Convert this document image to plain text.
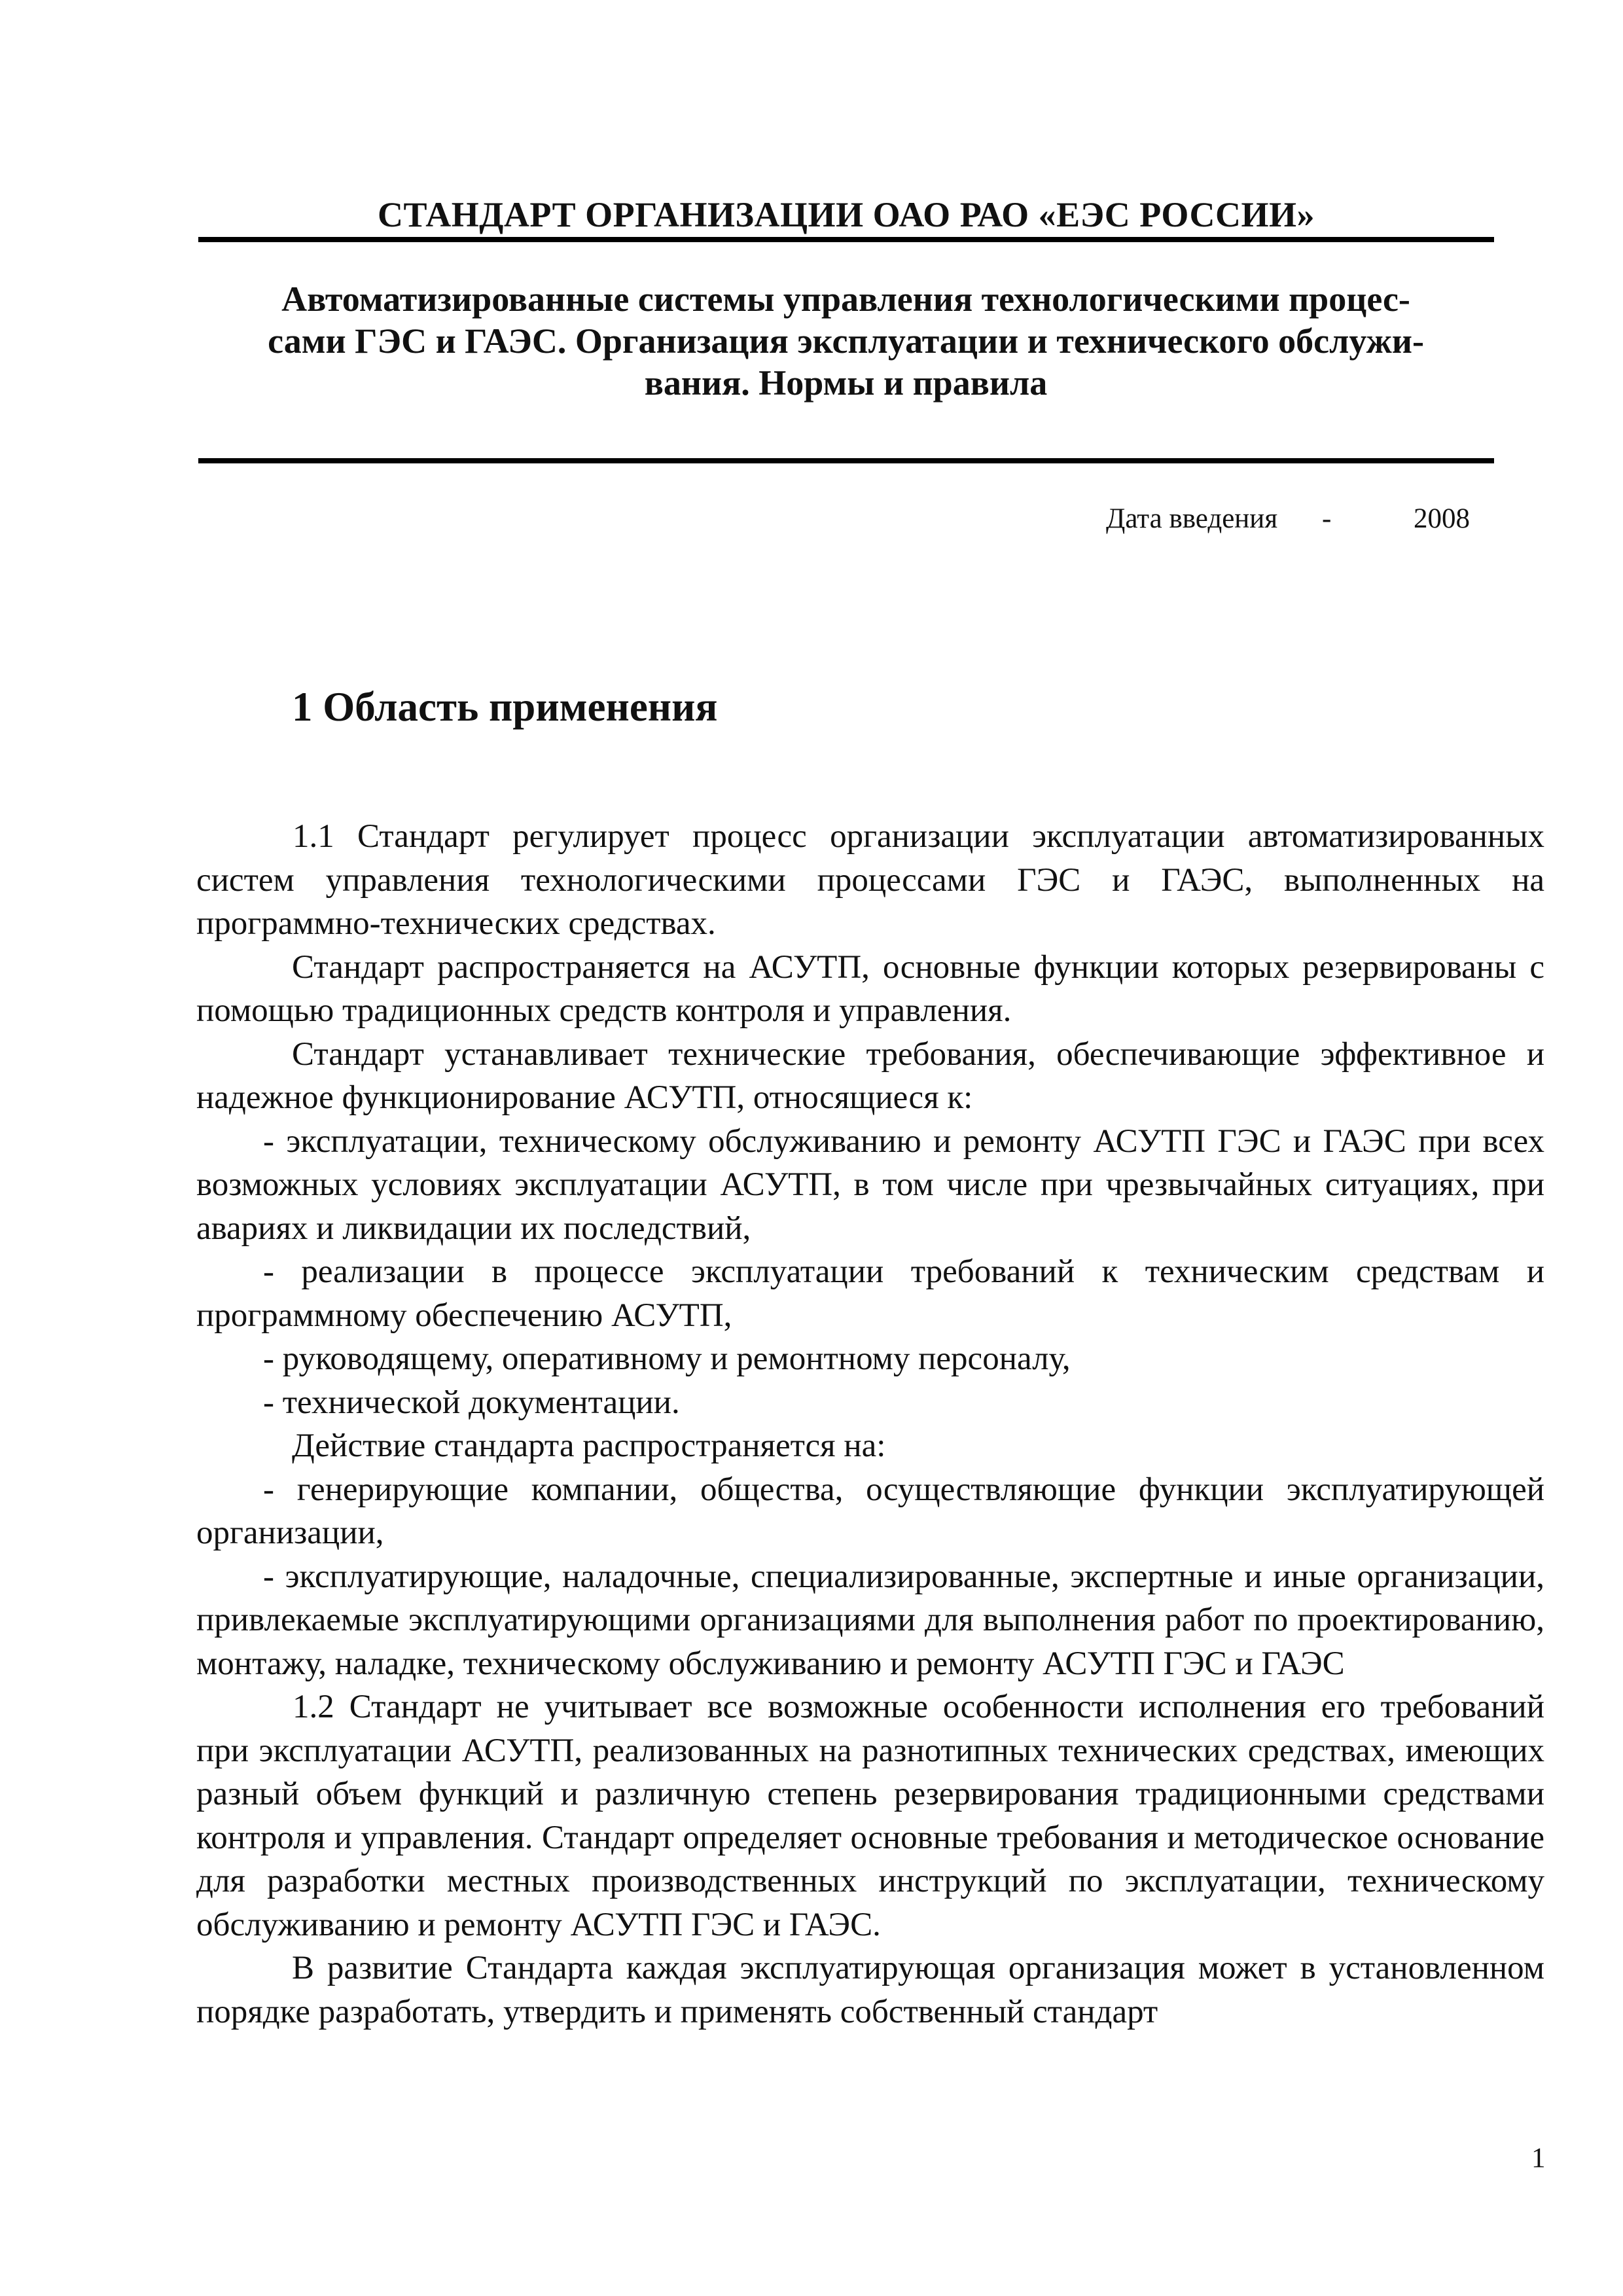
СТАНДАРТ ОРГАНИЗАЦИИ ОАО РАО «ЕЭС РОССИИ»
Автоматизированные системы управления технологическими процес-
сами ГЭС и ГАЭС. Организация эксплуатации и технического обслужи-
вания. Нормы и правила
Дата введения -	2008
1 Область применения

1.1 Стандарт регулирует процесс организации эксплуатации автоматизированных систем управления технологическими процессами ГЭС и ГАЭС, выполненных на программно-технических средствах.

Стандарт распространяется на АСУТП, основные функции которых резервированы с помощью традиционных средств контроля и управления.

Стандарт устанавливает технические требования, обеспечивающие эффективное и надежное функционирование АСУТП, относящиеся к:

- эксплуатации, техническому обслуживанию и ремонту АСУТП ГЭС и ГАЭС при всех возможных условиях эксплуатации АСУТП, в том числе при чрезвычайных ситуациях, при авариях и ликвидации их последствий,

- реализации в процессе эксплуатации требований к техническим средствам и программному обеспечению АСУТП,

- руководящему, оперативному и ремонтному персоналу,

- технической документации.

Действие стандарта распространяется на:

- генерирующие компании, общества, осуществляющие функции эксплуатирующей организации,

- эксплуатирующие, наладочные, специализированные, экспертные и иные организации, привлекаемые эксплуатирующими организациями для выполнения работ по проектированию, монтажу, наладке, техническому обслуживанию и ремонту АСУТП ГЭС и ГАЭС

1.2 Стандарт не учитывает все возможные особенности исполнения его требований при эксплуатации АСУТП, реализованных на разнотипных технических средствах, имеющих разный объем функций и различную степень резервирования традиционными средствами контроля и управления. Стандарт определяет основные требования и методическое основание для разработки местных производственных инструкций по эксплуатации, техническому обслуживанию и ремонту АСУТП ГЭС и ГАЭС.

В развитие Стандарта каждая эксплуатирующая организация может в установленном порядке разработать, утвердить и применять собственный стандарт

1
